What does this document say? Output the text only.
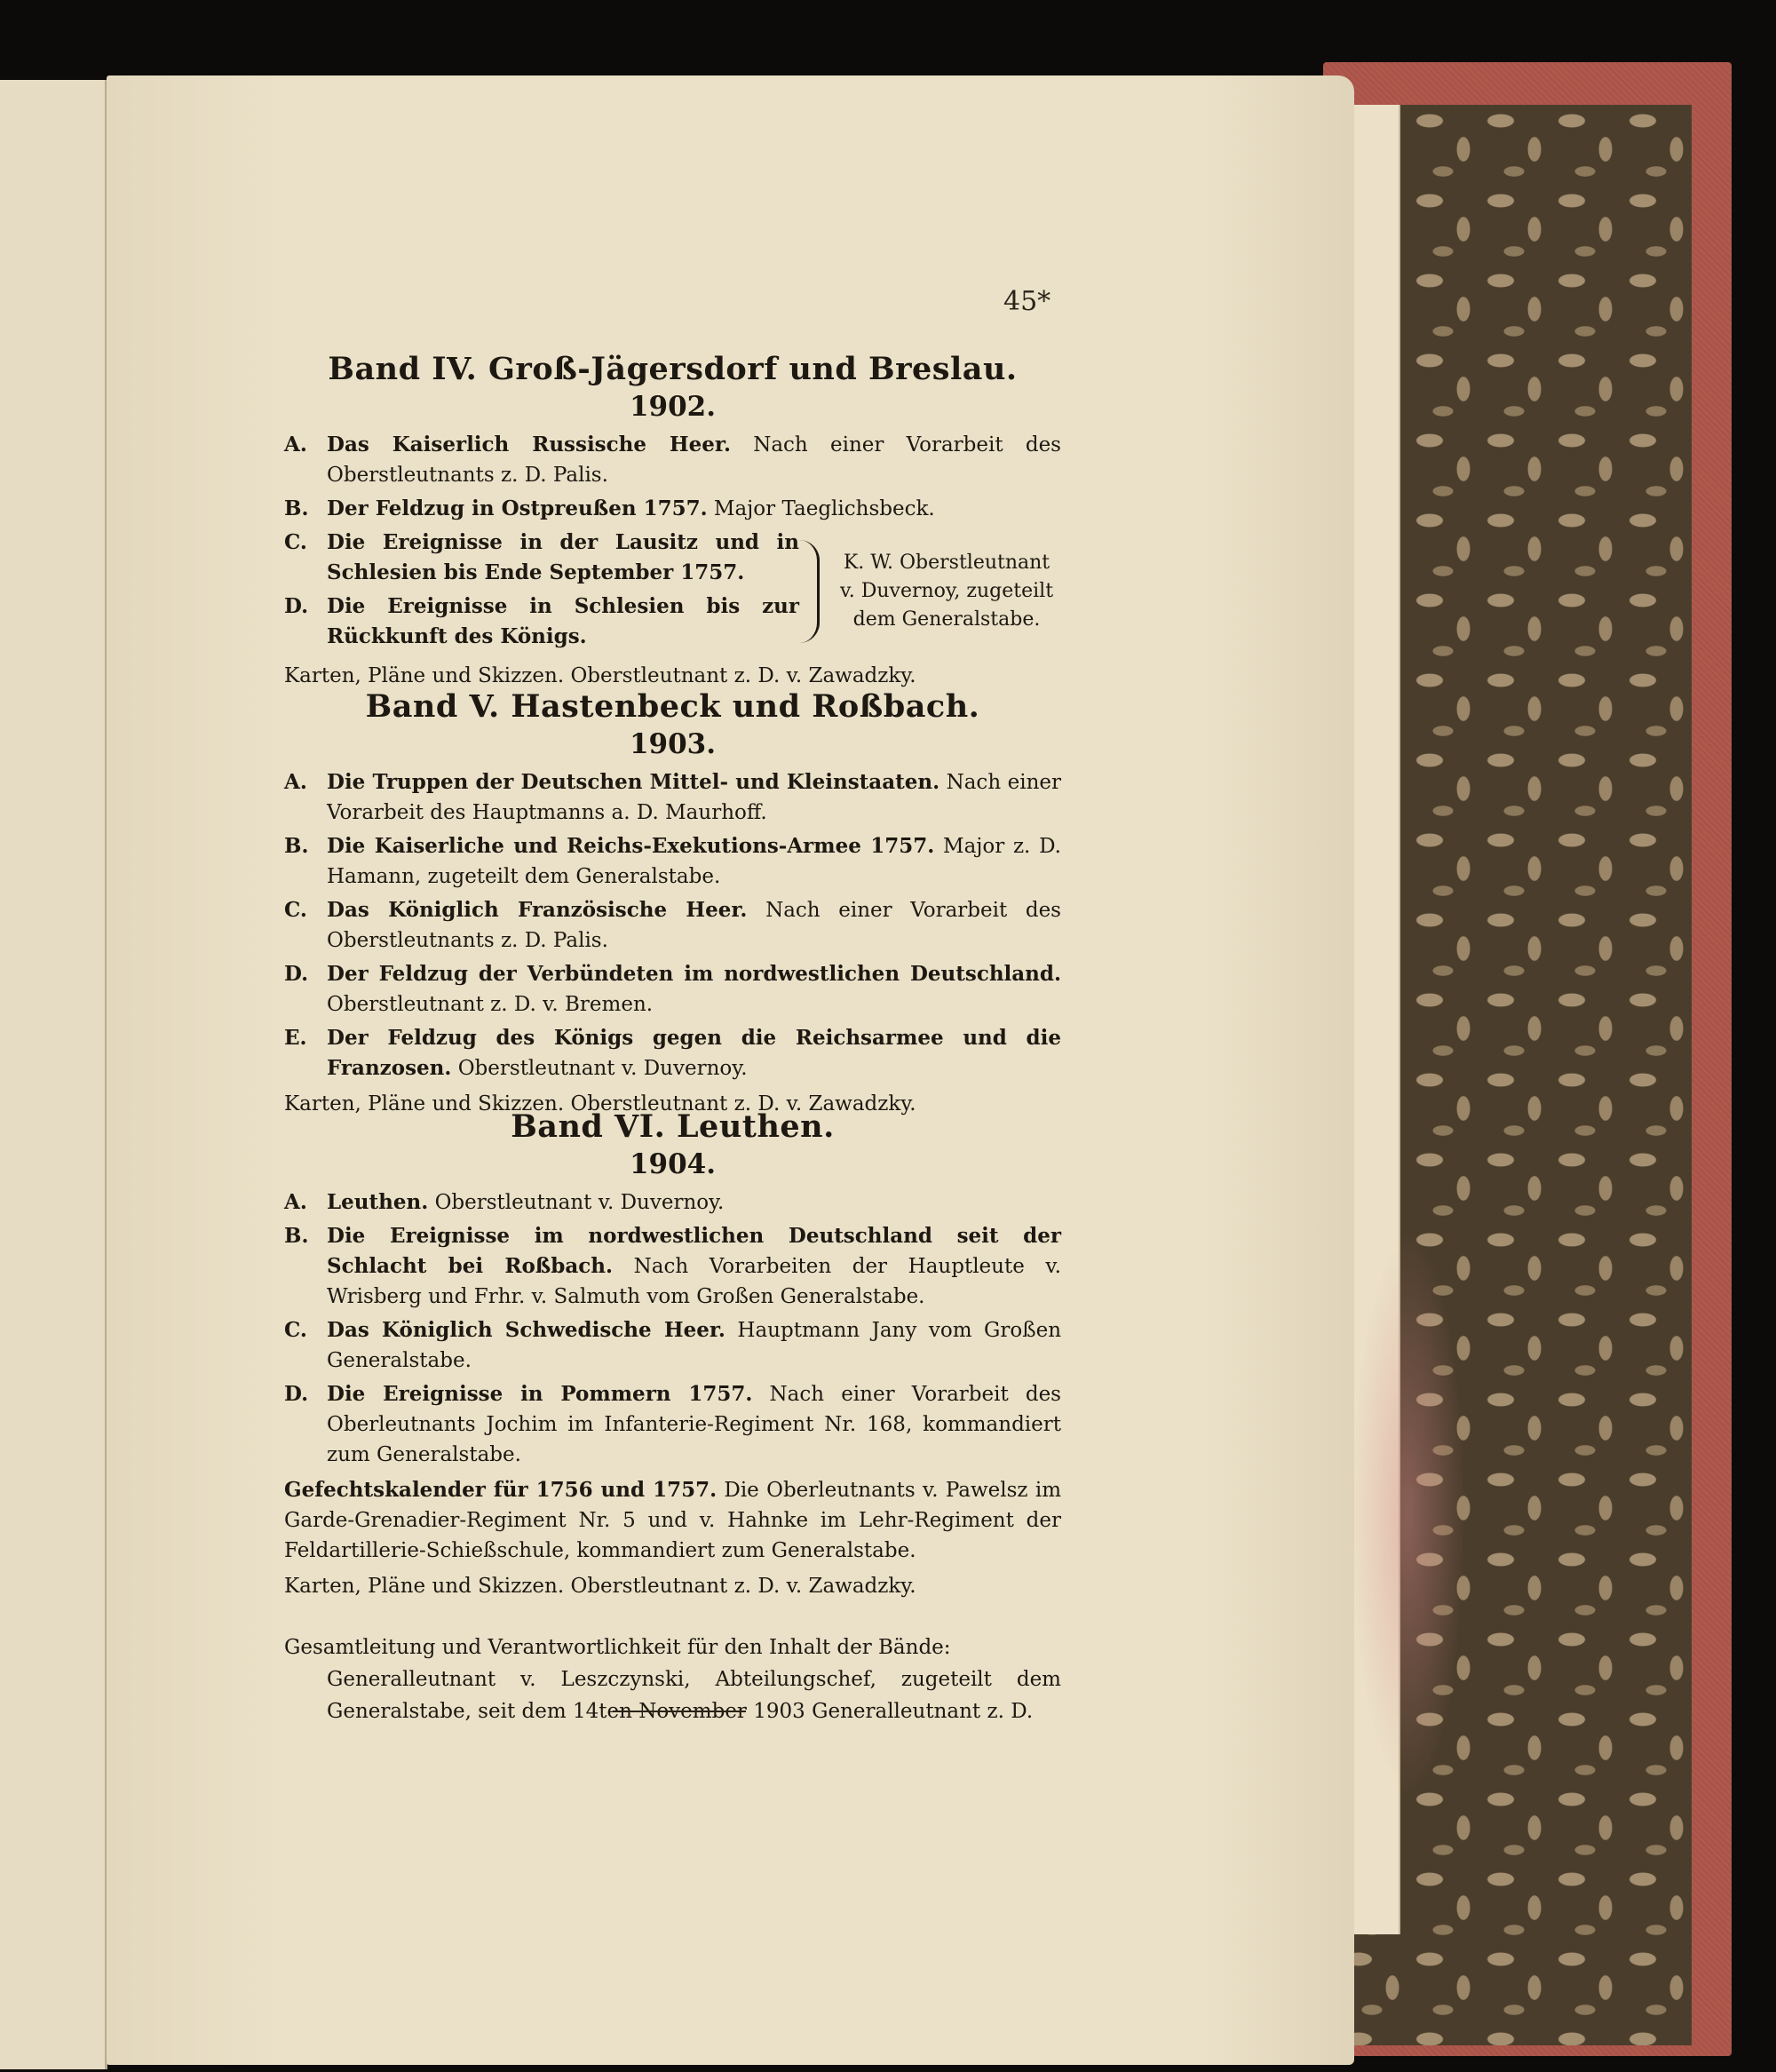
45*
Band IV. Groß-Jägersdorf und Breslau.
1902.
A. Das Kaiserlich Russische Heer. Nach einer Vorarbeit des Oberstleutnants z. D. Palis.
B. Der Feldzug in Ostpreußen 1757. Major Taeglichsbeck.
C. Die Ereignisse in der Lausitz und in Schlesien bis Ende September 1757.
D. Die Ereignisse in Schlesien bis zur Rückkunft des Königs.
K. W. Oberstleutnant
v. Duvernoy, zugeteilt
dem Generalstabe.
Karten, Pläne und Skizzen. Oberstleutnant z. D. v. Zawadzky.
Band V. Hastenbeck und Roßbach.
1903.
A. Die Truppen der Deutschen Mittel- und Kleinstaaten. Nach einer Vorarbeit des Hauptmanns a. D. Maurhoff.
B. Die Kaiserliche und Reichs-Exekutions-Armee 1757. Major z. D. Hamann, zugeteilt dem Generalstabe.
C. Das Königlich Französische Heer. Nach einer Vorarbeit des Oberstleutnants z. D. Palis.
D. Der Feldzug der Verbündeten im nordwestlichen Deutschland. Oberstleutnant z. D. v. Bremen.
E. Der Feldzug des Königs gegen die Reichsarmee und die Franzosen. Oberstleutnant v. Duvernoy.
Karten, Pläne und Skizzen. Oberstleutnant z. D. v. Zawadzky.
Band VI. Leuthen.
1904.
A. Leuthen. Oberstleutnant v. Duvernoy.
B. Die Ereignisse im nordwestlichen Deutschland seit der Schlacht bei Roßbach. Nach Vorarbeiten der Hauptleute v. Wrisberg und Frhr. v. Salmuth vom Großen Generalstabe.
C. Das Königlich Schwedische Heer. Hauptmann Jany vom Großen Generalstabe.
D. Die Ereignisse in Pommern 1757. Nach einer Vorarbeit des Oberleutnants Jochim im Infanterie-Regiment Nr. 168, kommandiert zum Generalstabe.
Gefechtskalender für 1756 und 1757. Die Oberleutnants v. Pawelsz im Garde-Grenadier-Regiment Nr. 5 und v. Hahnke im Lehr-Regiment der Feldartillerie-Schießschule, kommandiert zum Generalstabe.
Karten, Pläne und Skizzen. Oberstleutnant z. D. v. Zawadzky.
Gesamtleitung und Verantwortlichkeit für den Inhalt der Bände:
Generalleutnant v. Leszczynski, Abteilungschef, zugeteilt dem Generalstabe, seit dem 14ten November 1903 Generalleutnant z. D.
